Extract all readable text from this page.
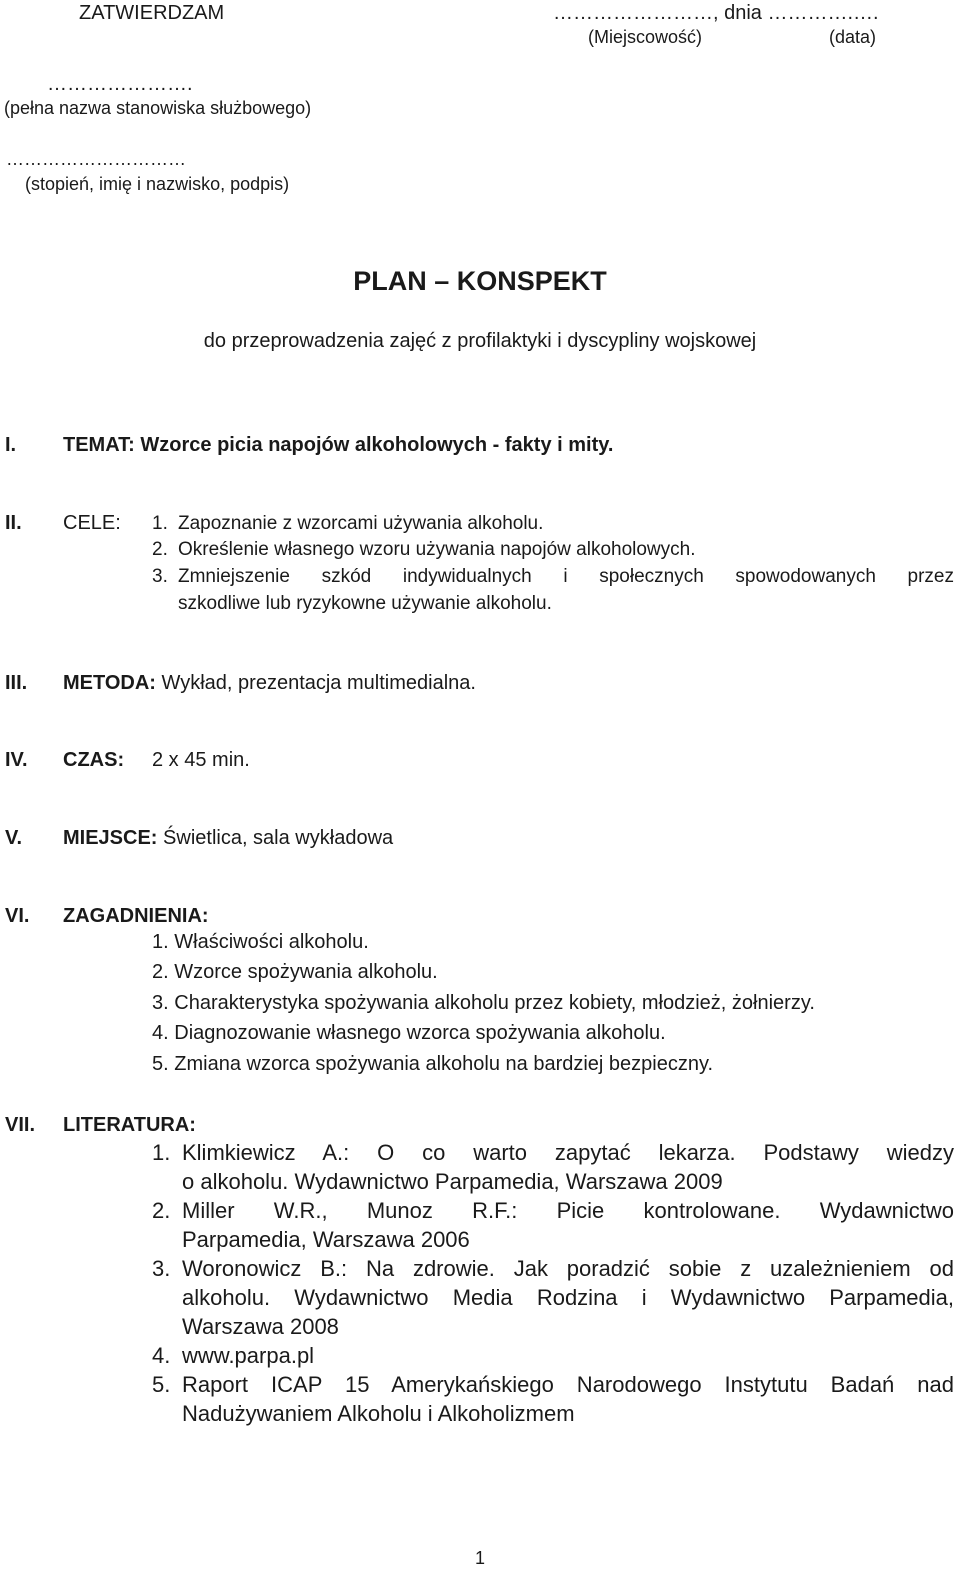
ZATWIERDZAM	……………………, dnia ………….….
(Miejscowość)	(data)
………………….
(pełna nazwa stanowiska służbowego)
…………………………
(stopień, imię i nazwisko, podpis)
PLAN – KONSPEKT
do przeprowadzenia zajęć z profilaktyki i dyscypliny wojskowej
I. TEMAT: Wzorce picia napojów alkoholowych - fakty i mity.
II. CELE: 1. Zapoznanie z wzorcami używania alkoholu.
2. Określenie własnego wzoru używania napojów alkoholowych.
3. Zmniejszenie szkód indywidualnych i społecznych spowodowanych przez
szkodliwe lub ryzykowne używanie alkoholu.
III. METODA: Wykład, prezentacja multimedialna.
IV. CZAS: 2 x 45 min.
V. MIEJSCE: Świetlica, sala wykładowa
VI. ZAGADNIENIA:
1. Właściwości alkoholu.
2. Wzorce spożywania alkoholu.
3. Charakterystyka spożywania alkoholu przez kobiety, młodzież, żołnierzy.
4. Diagnozowanie własnego wzorca spożywania alkoholu.
5. Zmiana wzorca spożywania alkoholu na bardziej bezpieczny.
VII. LITERATURA:
1. Klimkiewicz A.: O co warto zapytać lekarza. Podstawy wiedzy
o alkoholu. Wydawnictwo Parpamedia, Warszawa 2009
2. Miller W.R., Munoz R.F.: Picie kontrolowane. Wydawnictwo
Parpamedia, Warszawa 2006
3. Woronowicz B.: Na zdrowie. Jak poradzić sobie z uzależnieniem od
alkoholu. Wydawnictwo Media Rodzina i Wydawnictwo Parpamedia,
Warszawa 2008
4. www.parpa.pl
5. Raport ICAP 15 Amerykańskiego Narodowego Instytutu Badań nad
Nadużywaniem Alkoholu i Alkoholizmem
1
